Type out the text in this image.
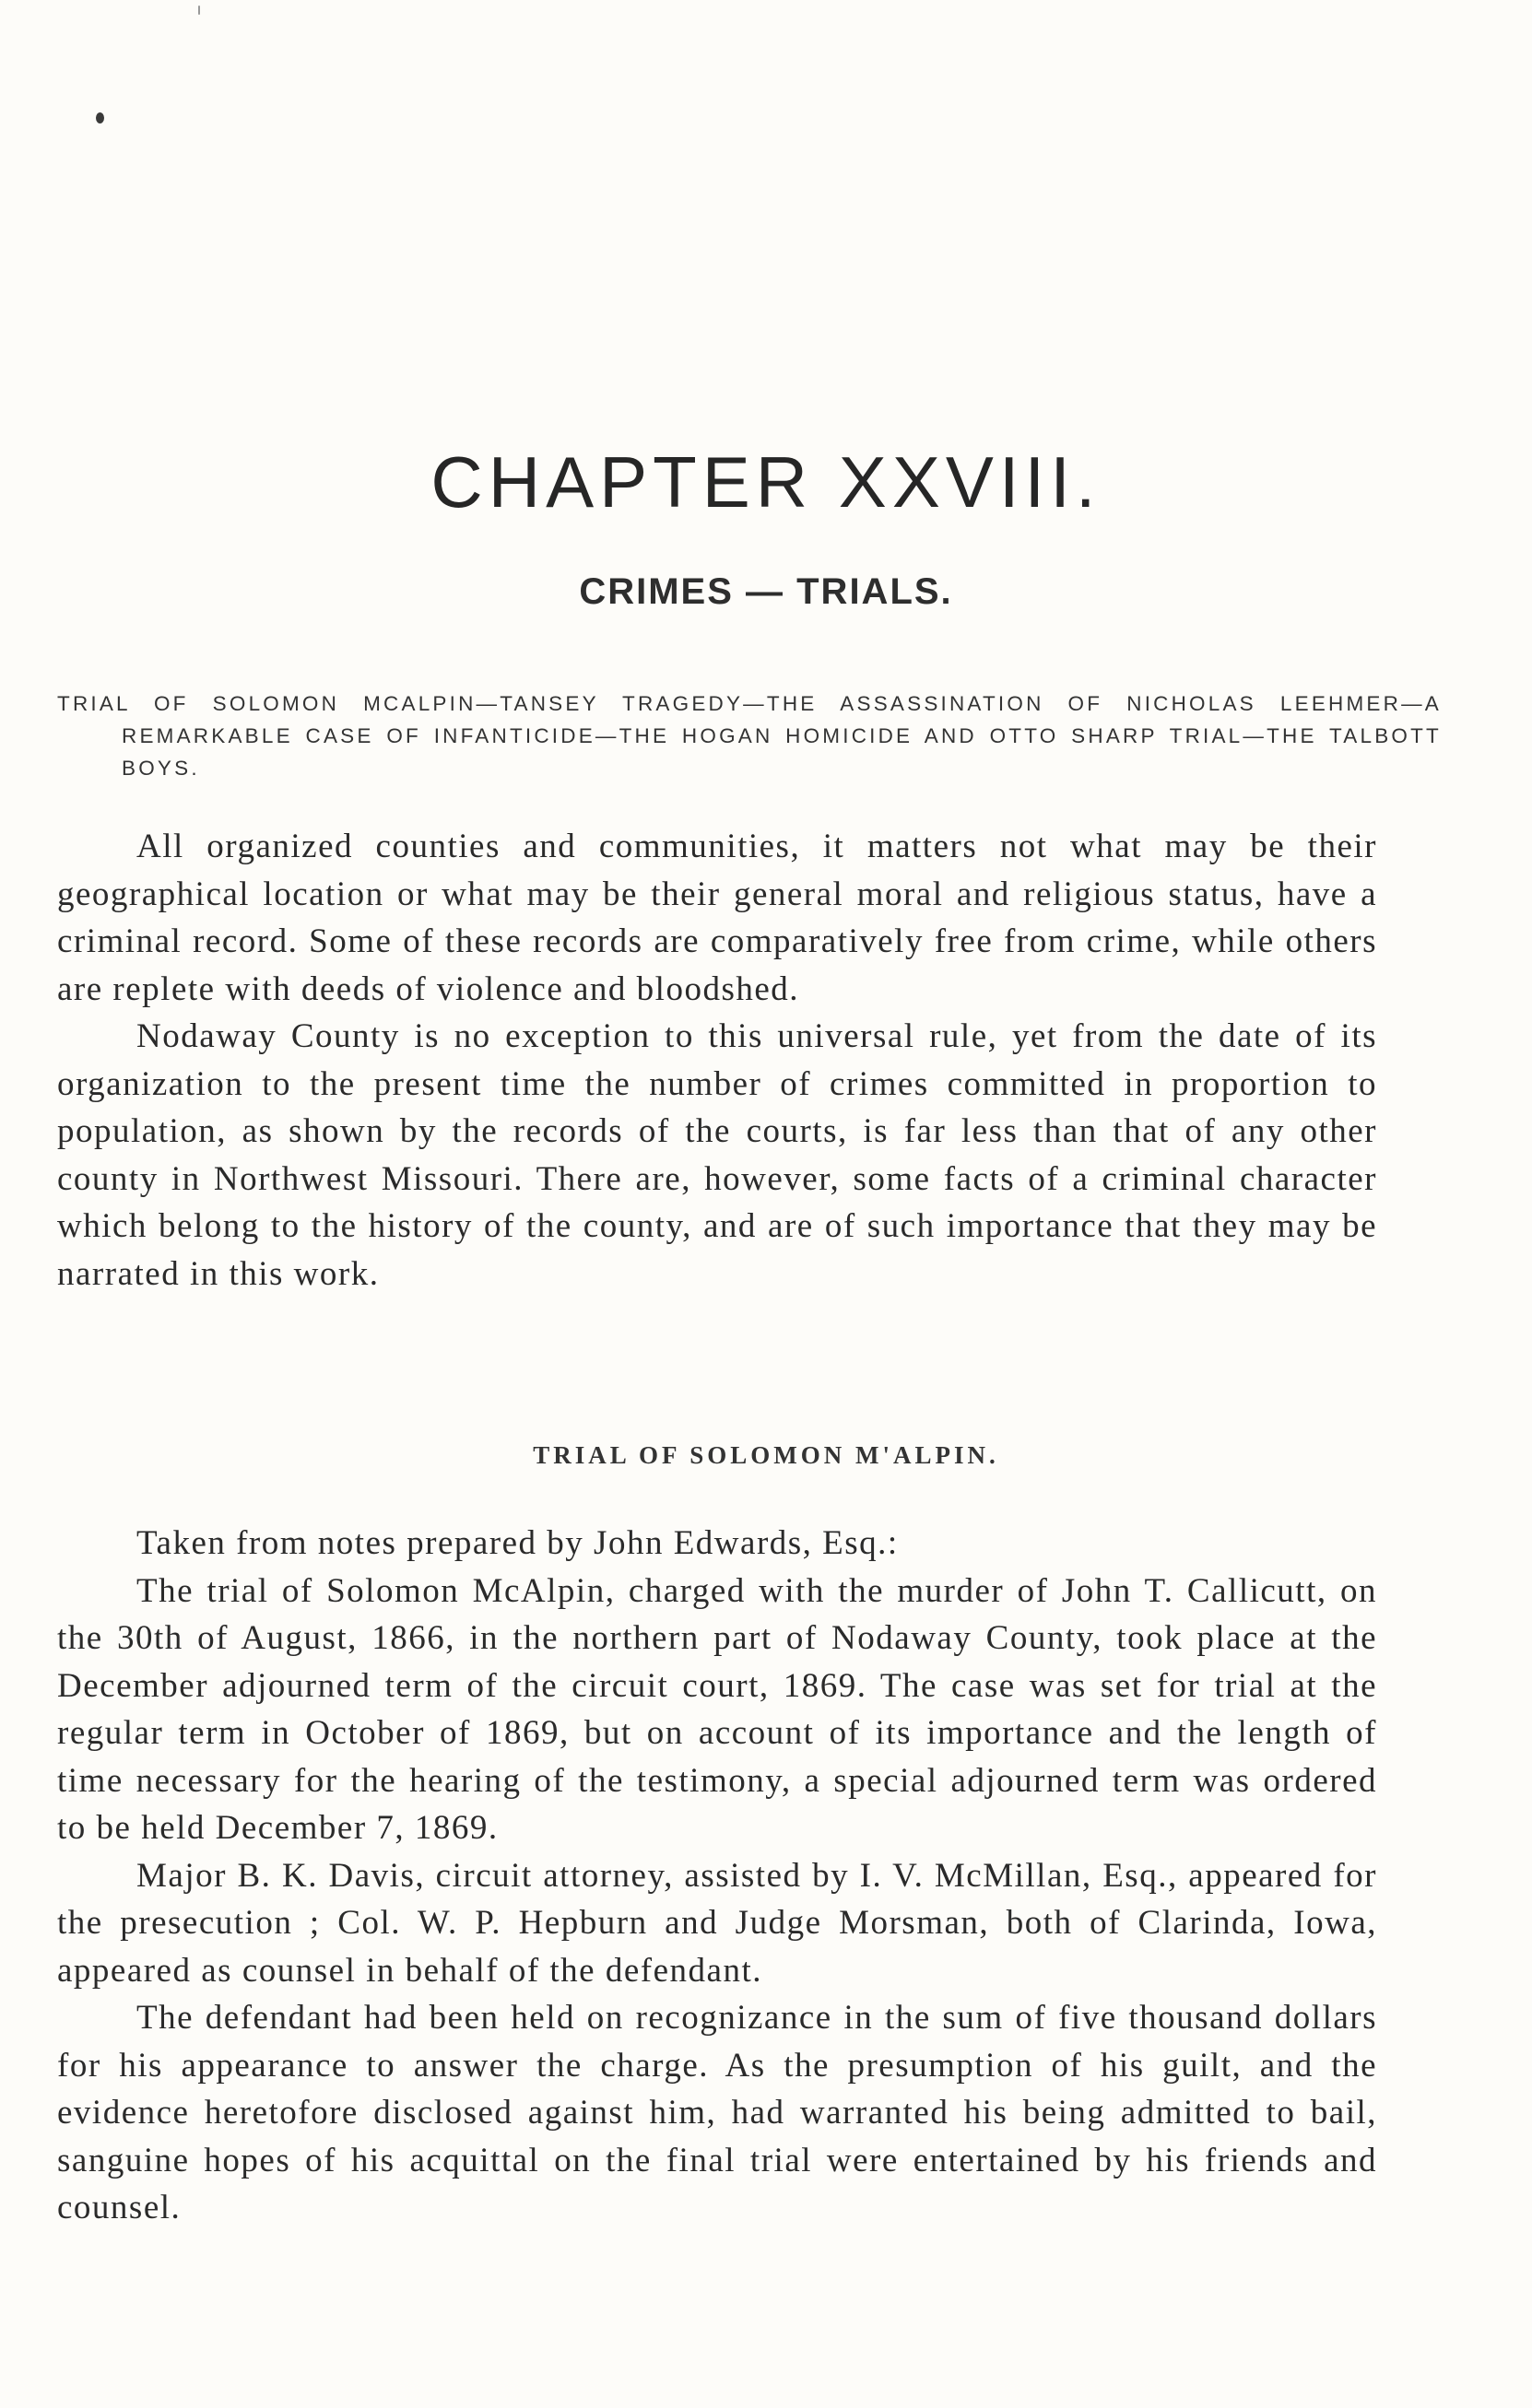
CHAPTER XXVIII.
CRIMES — TRIALS.

TRIAL OF SOLOMON MCALPIN—TANSEY TRAGEDY—THE ASSASSINATION OF NICHOLAS LEEHMER—A REMARKABLE CASE OF INFANTICIDE—THE HOGAN HOMICIDE AND OTTO SHARP TRIAL—THE TALBOTT BOYS.

All organized counties and communities, it matters not what may be their geographical location or what may be their general moral and religious status, have a criminal record. Some of these records are comparatively free from crime, while others are replete with deeds of violence and bloodshed.

Nodaway County is no exception to this universal rule, yet from the date of its organization to the present time the number of crimes committed in proportion to population, as shown by the records of the courts, is far less than that of any other county in Northwest Missouri. There are, however, some facts of a criminal character which belong to the history of the county, and are of such importance that they may be narrated in this work.

TRIAL OF SOLOMON M'ALPIN.

Taken from notes prepared by John Edwards, Esq.:

The trial of Solomon McAlpin, charged with the murder of John T. Callicutt, on the 30th of August, 1866, in the northern part of Nodaway County, took place at the December adjourned term of the circuit court, 1869. The case was set for trial at the regular term in October of 1869, but on account of its importance and the length of time necessary for the hearing of the testimony, a special adjourned term was ordered to be held December 7, 1869.

Major B. K. Davis, circuit attorney, assisted by I. V. McMillan, Esq., appeared for the presecution ; Col. W. P. Hepburn and Judge Morsman, both of Clarinda, Iowa, appeared as counsel in behalf of the defendant.

The defendant had been held on recognizance in the sum of five thousand dollars for his appearance to answer the charge. As the presumption of his guilt, and the evidence heretofore disclosed against him, had warranted his being admitted to bail, sanguine hopes of his acquittal on the final trial were entertained by his friends and counsel.
